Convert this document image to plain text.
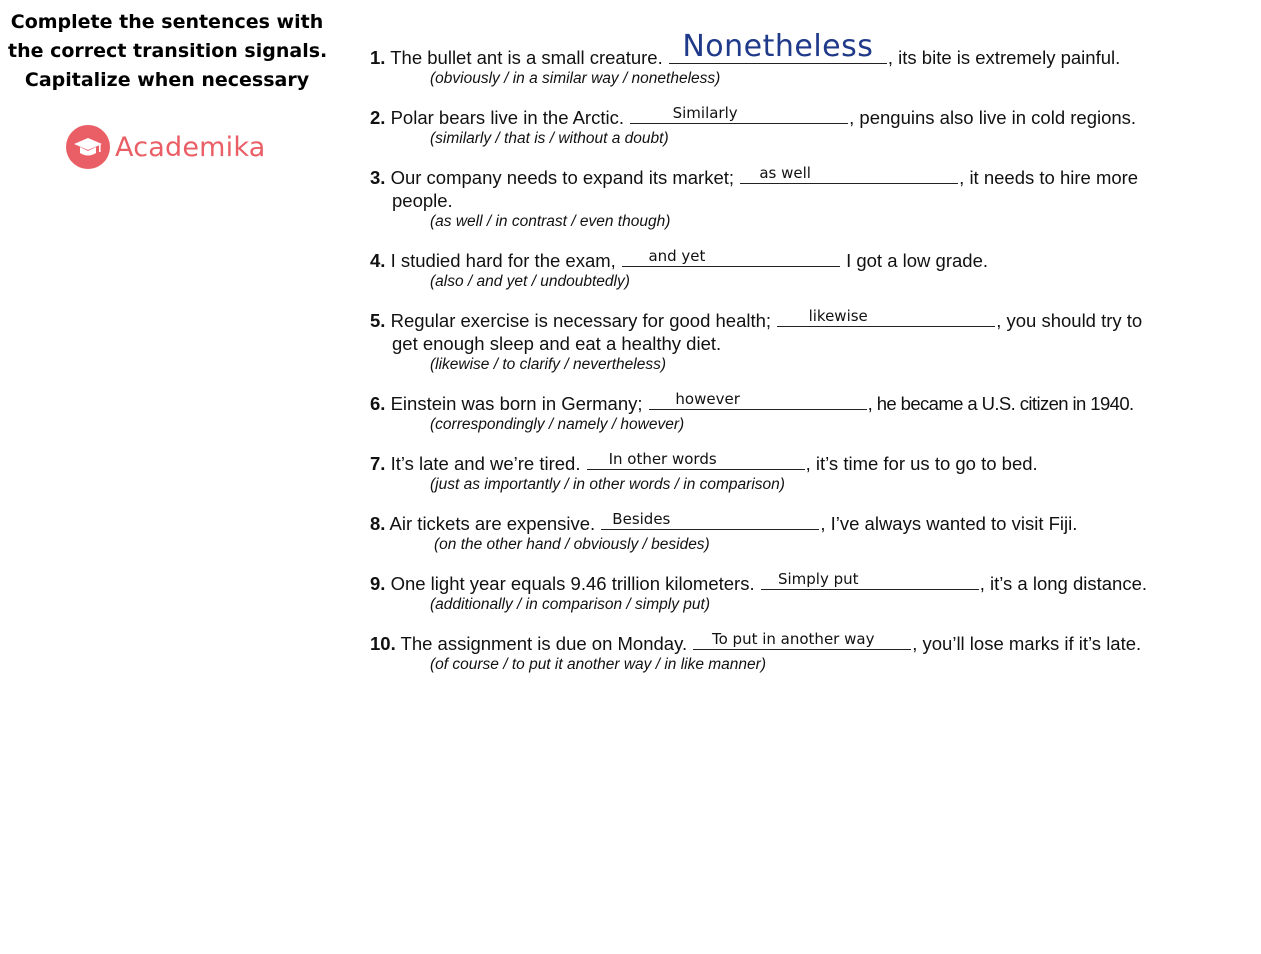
Complete the sentences with
the correct transition signals.
Capitalize when necessary
Academika
1. The bullet ant is a small creature. Nonetheless , its bite is extremely painful.
(obviously / in a similar way / nonetheless)
2. Polar bears live in the Arctic.	Similarly	, penguins also live in cold regions.
(similarly / that is / without a doubt)
3. Our company needs to expand its market;	as well	, it needs to hire more
people.
(as well / in contrast / even though)
4. I studied hard for the exam,	and yet	I got a low grade.
(also / and yet / undoubtedly)
5. Regular exercise is necessary for good health;	likewise	, you should try to
get enough sleep and eat a healthy diet.
(likewise / to clarify / nevertheless)
6. Einstein was born in Germany;	however	, he became a U.S. citizen in 1940.
(correspondingly / namely / however)
7. It’s late and we’re tired.	In other words	, it’s time for us to go to bed.
(just as importantly / in other words / in comparison)
8. Air tickets are expensive. Besides	, I’ve always wanted to visit Fiji.
(on the other hand / obviously / besides)
9. One light year equals 9.46 trillion kilometers.	Simply put	, it’s a long distance.
(additionally / in comparison / simply put)
10. The assignment is due on Monday.	To put in another way	, you’ll lose marks if it’s late.
(of course / to put it another way / in like manner)
